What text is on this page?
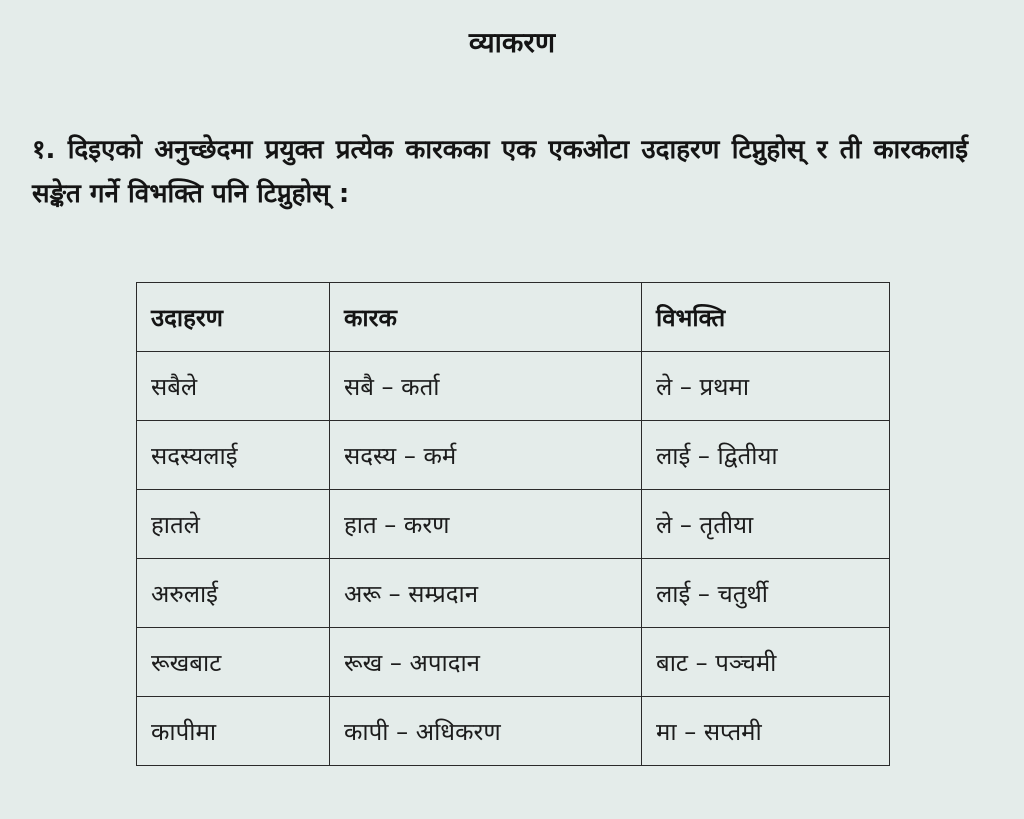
व्याकरण
१. दिइएको अनुच्छेदमा प्रयुक्त प्रत्येक कारकका एक एकओटा उदाहरण टिप्नुहोस् र ती कारकलाई सङ्केत गर्ने विभक्ति पनि टिप्नुहोस् :
उदाहरण	कारक	विभक्ति
सबैले	सबै – कर्ता	ले – प्रथमा
सदस्यलाई	सदस्य – कर्म	लाई – द्वितीया
हातले	हात – करण	ले – तृतीया
अरुलाई	अरू – सम्प्रदान	लाई – चतुर्थी
रूखबाट	रूख – अपादान	बाट – पञ्चमी
कापीमा	कापी – अधिकरण	मा – सप्तमी
